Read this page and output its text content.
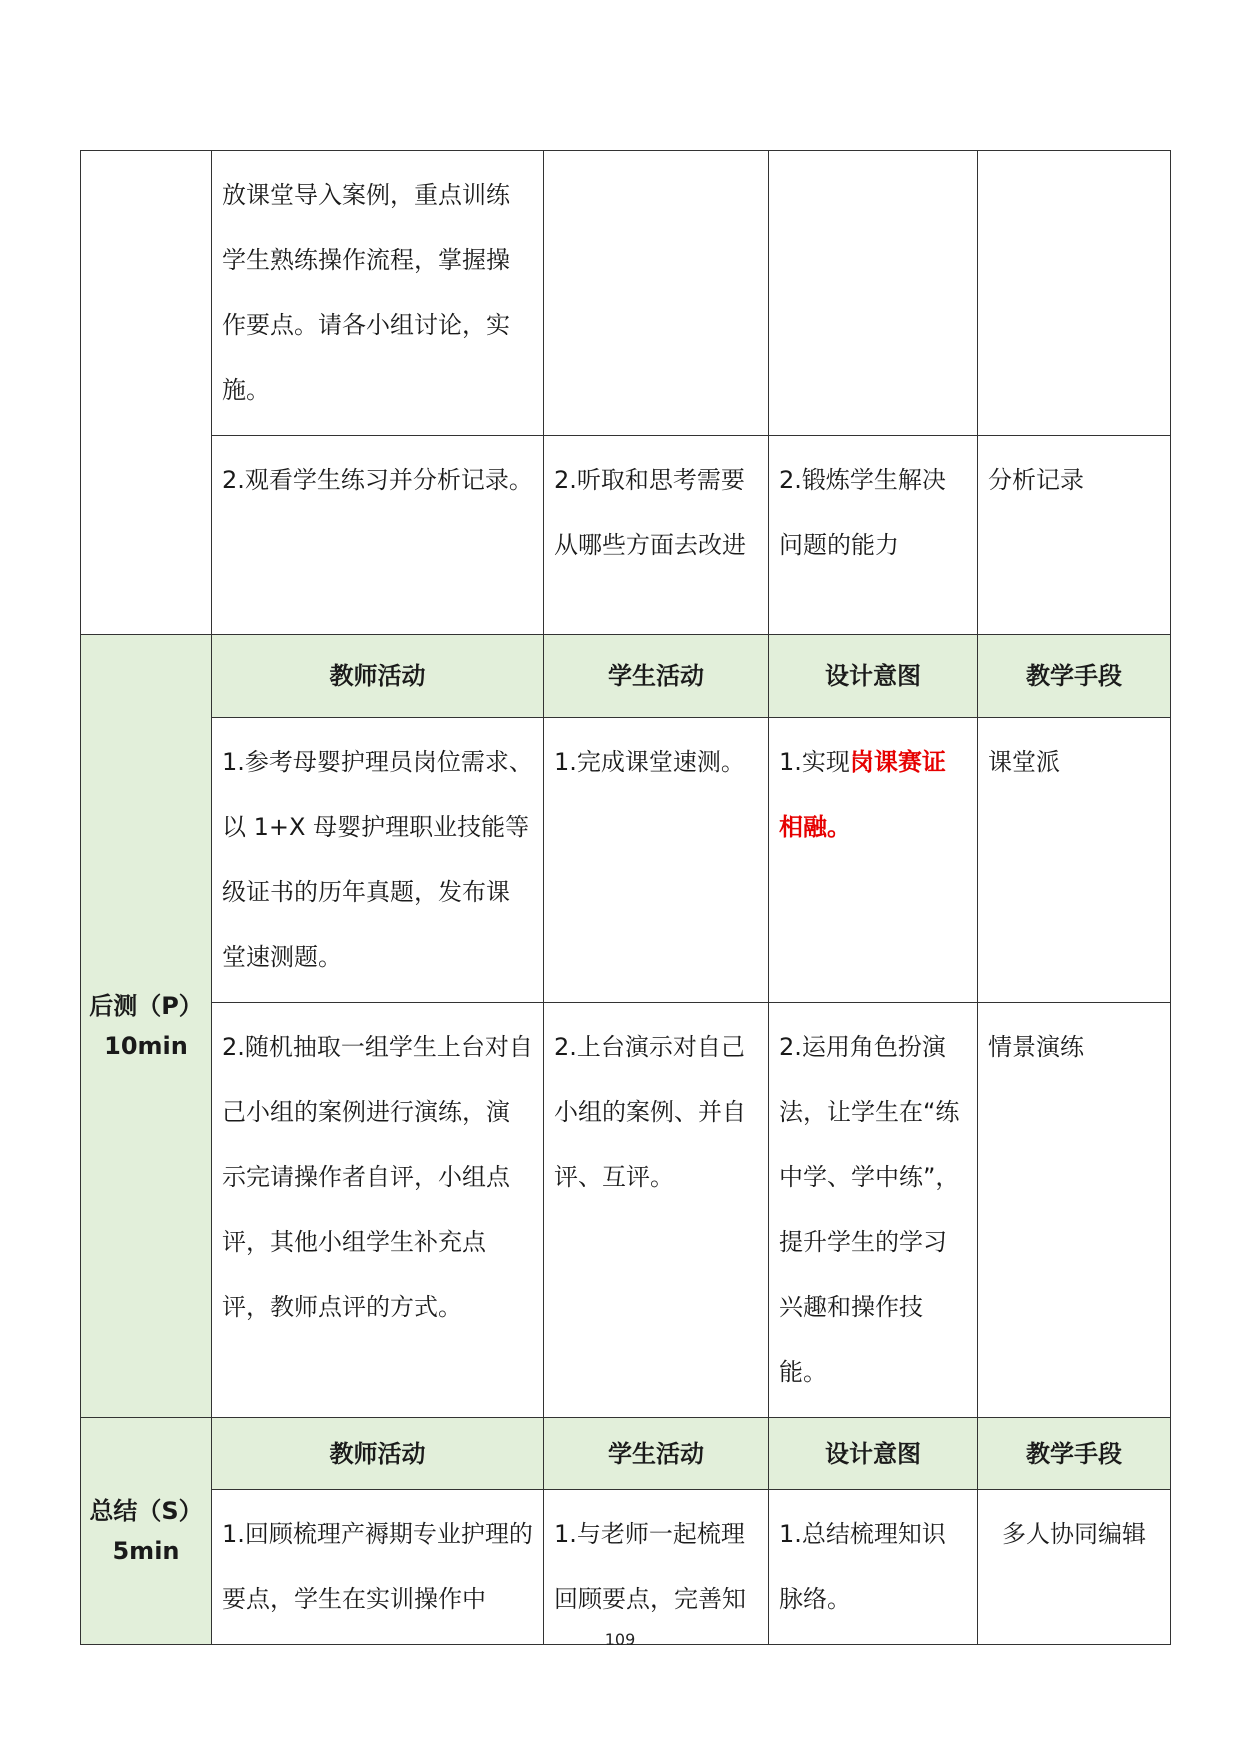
	放课堂导入案例，重点训练学生熟练操作流程，掌握操作要点。请各小组讨论，实施。			
	2.观看学生练习并分析记录。	2.听取和思考需要从哪些方面去改进	2.锻炼学生解决问题的能力	分析记录

后测（P）
10min	教师活动	学生活动	设计意图	教学手段
	1.参考母婴护理员岗位需求、以 1+X 母婴护理职业技能等级证书的历年真题，发布课堂速测题。	1.完成课堂速测。	1.实现岗课赛证相融。	课堂派
	2.随机抽取一组学生上台对自己小组的案例进行演练，演示完请操作者自评，小组点评，其他小组学生补充点评，教师点评的方式。	2.上台演示对自己小组的案例、并自评、互评。	2.运用角色扮演法，让学生在“练中学、学中练”，提升学生的学习兴趣和操作技能。	情景演练

总结（S）
5min	教师活动	学生活动	设计意图	教学手段
	1.回顾梳理产褥期专业护理的要点，学生在实训操作中	1.与老师一起梳理回顾要点，完善知	1.总结梳理知识脉络。	多人协同编辑
109
